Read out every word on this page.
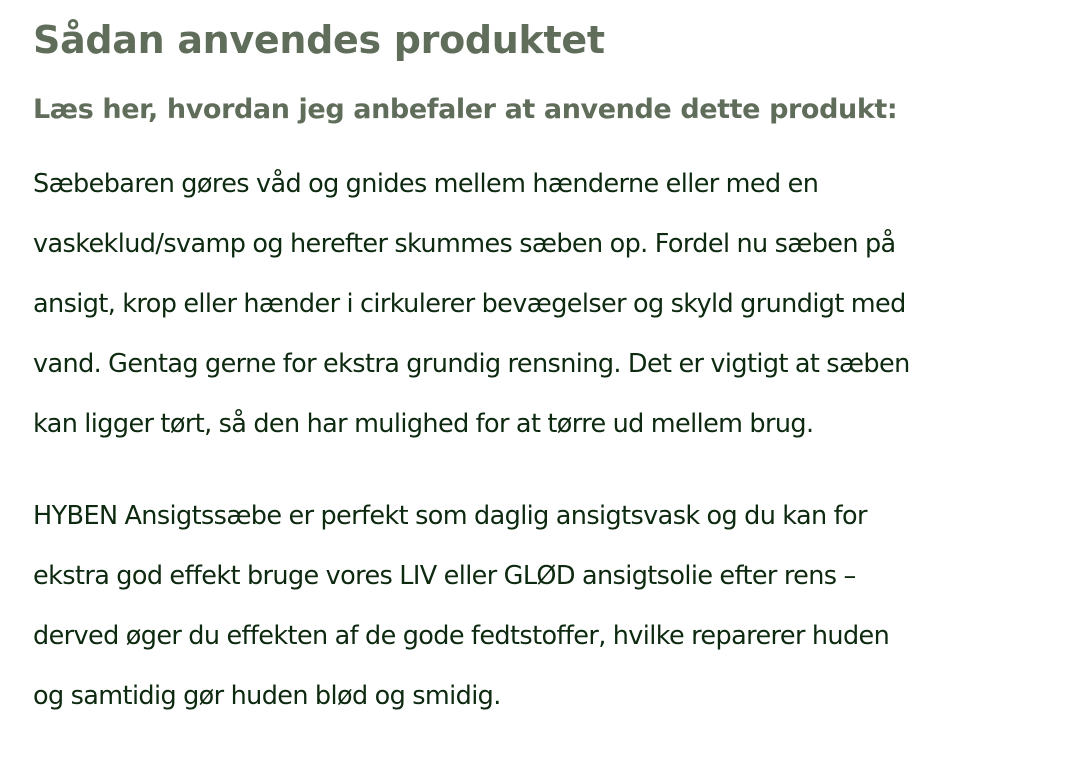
Sådan anvendes produktet
Læs her, hvordan jeg anbefaler at anvende dette produkt:

Sæbebaren gøres våd og gnides mellem hænderne eller med en
vaskeklud/svamp og herefter skummes sæben op. Fordel nu sæben på
ansigt, krop eller hænder i cirkulerer bevægelser og skyld grundigt med
vand. Gentag gerne for ekstra grundig rensning. Det er vigtigt at sæben
kan ligger tørt, så den har mulighed for at tørre ud mellem brug.

HYBEN Ansigtssæbe er perfekt som daglig ansigtsvask og du kan for
ekstra god effekt bruge vores LIV eller GLØD ansigtsolie efter rens –
derved øger du effekten af de gode fedtstoffer, hvilke reparerer huden
og samtidig gør huden blød og smidig.
